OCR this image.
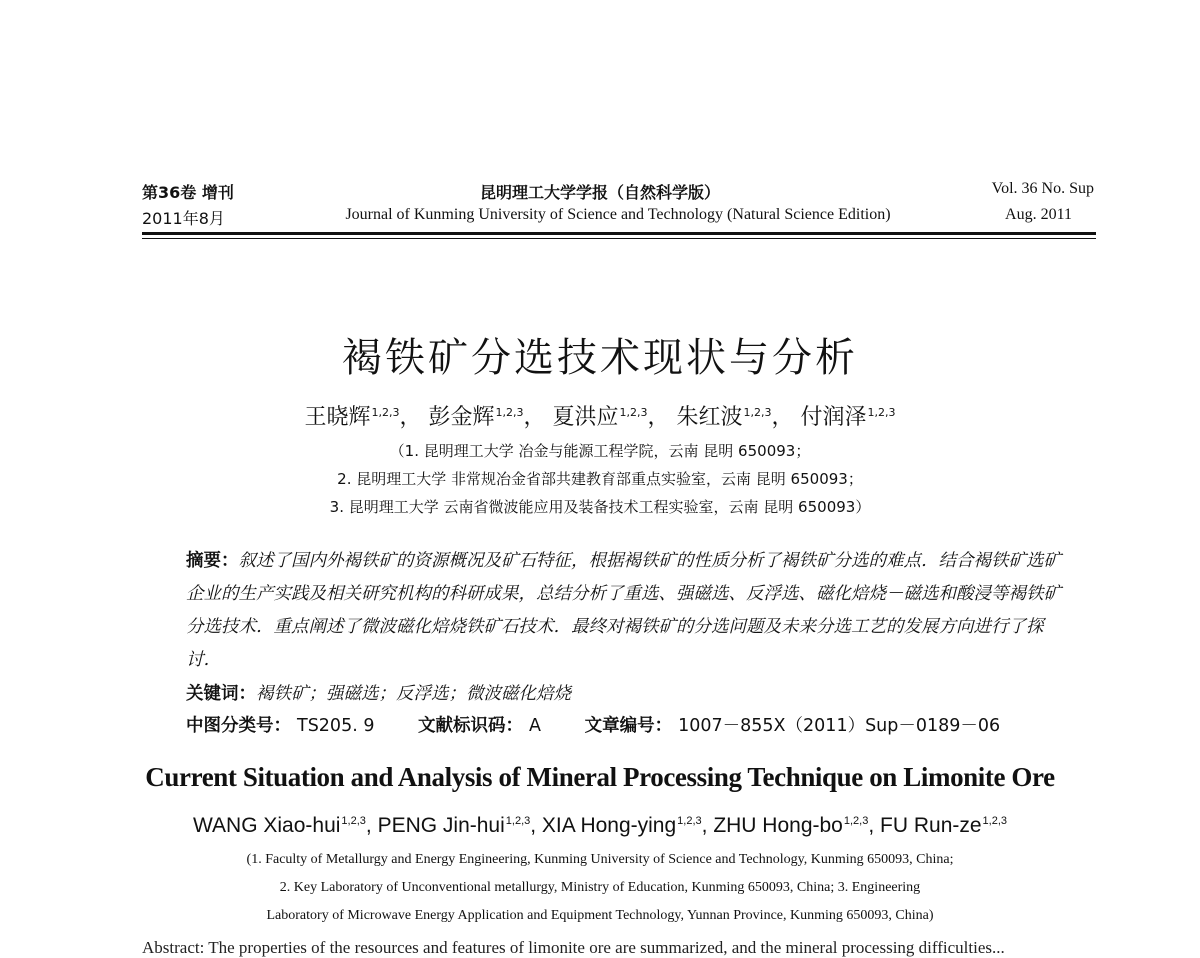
第36卷 增刊
2011年8月
昆明理工大学学报（自然科学版）
Journal of Kunming University of Science and Technology (Natural Science Edition)
Vol. 36 No. Sup
Aug. 2011
褐铁矿分选技术现状与分析
王晓辉$^{1,2,3}$， 彭金辉$^{1,2,3}$， 夏洪应$^{1,2,3}$， 朱红波$^{1,2,3}$， 付润泽$^{1,2,3}$
（1. 昆明理工大学 冶金与能源工程学院，云南 昆明 650093；
2. 昆明理工大学 非常规冶金省部共建教育部重点实验室，云南 昆明 650093；
3. 昆明理工大学 云南省微波能应用及装备技术工程实验室，云南 昆明 650093）
摘要：叙述了国内外褐铁矿的资源概况及矿石特征，根据褐铁矿的性质分析了褐铁矿分选的难点．结合褐铁矿选矿企业的生产实践及相关研究机构的科研成果，总结分析了重选、强磁选、反浮选、磁化焙烧－磁选和酸浸等褐铁矿分选技术．重点阐述了微波磁化焙烧铁矿石技术．最终对褐铁矿的分选问题及未来分选工艺的发展方向进行了探讨．
关键词：褐铁矿；强磁选；反浮选；微波磁化焙烧
中图分类号： TS205. 9 文献标识码： A 文章编号： 1007－855X（2011）Sup－0189－06
Current Situation and Analysis of Mineral Processing Technique on Limonite Ore
WANG Xiao-hui$^{1,2,3}$, PENG Jin-hui$^{1,2,3}$, XIA Hong-ying$^{1,2,3}$, ZHU Hong-bo$^{1,2,3}$, FU Run-ze$^{1,2,3}$
(1. Faculty of Metallurgy and Energy Engineering, Kunming University of Science and Technology, Kunming 650093, China;
2. Key Laboratory of Unconventional metallurgy, Ministry of Education, Kunming 650093, China; 3. Engineering
Laboratory of Microwave Energy Application and Equipment Technology, Yunnan Province, Kunming 650093, China)
Abstract: The properties of the resources and features of limonite ore are summarized, and the mineral processing difficulties...
